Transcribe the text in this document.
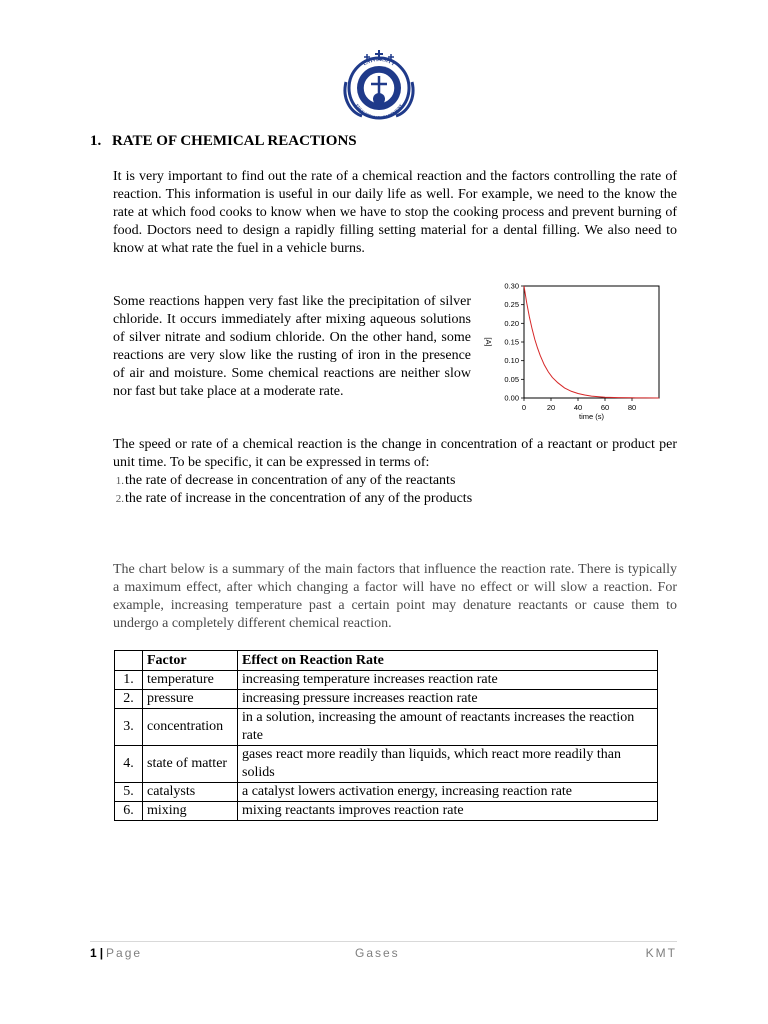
UNIVERSITY
EDUCATION DEPARTMENT
1. RATE OF CHEMICAL REACTIONS

It is very important to find out the rate of a chemical reaction and the factors controlling the rate of reaction. This information is useful in our daily life as well. For example, we need to the know the rate at which food cooks to know when we have to stop the cooking process and prevent burning of food. Doctors need to design a rapidly filling setting material for a dental filling. We also need to know at what rate the fuel in a vehicle burns.

Some reactions happen very fast like the precipitation of silver chloride. It occurs immediately after mixing aqueous solutions of silver nitrate and sodium chloride. On the other hand, some reactions are very slow like the rusting of iron in the presence of air and moisture. Some chemical reactions are neither slow nor fast but take place at a moderate rate.	0.00
0.05
0.10
0.15
0.20
0.25
0.30
0	20 40 60 80
time (s)
[A]

The speed or rate of a chemical reaction is the change in concentration of a reactant or product per unit time. To be specific, it can be expressed in terms of:

1.the rate of decrease in concentration of any of the reactants
2.the rate of increase in the concentration of any of the products

The chart below is a summary of the main factors that influence the reaction rate. There is typically a maximum effect, after which changing a factor will have no effect or will slow a reaction. For example, increasing temperature past a certain point may denature reactants or cause them to undergo a completely different chemical reaction.

	Factor	Effect on Reaction Rate
1.	temperature	increasing temperature increases reaction rate
2.	pressure	increasing pressure increases reaction rate
3.	concentration	in a solution, increasing the amount of reactants increases the reaction rate
4.	state of matter	gases react more readily than liquids, which react more readily than solids
5.	catalysts	a catalyst lowers activation energy, increasing reaction rate
6.	mixing	mixing reactants improves reaction rate
1 | Page	Gases	KMT
